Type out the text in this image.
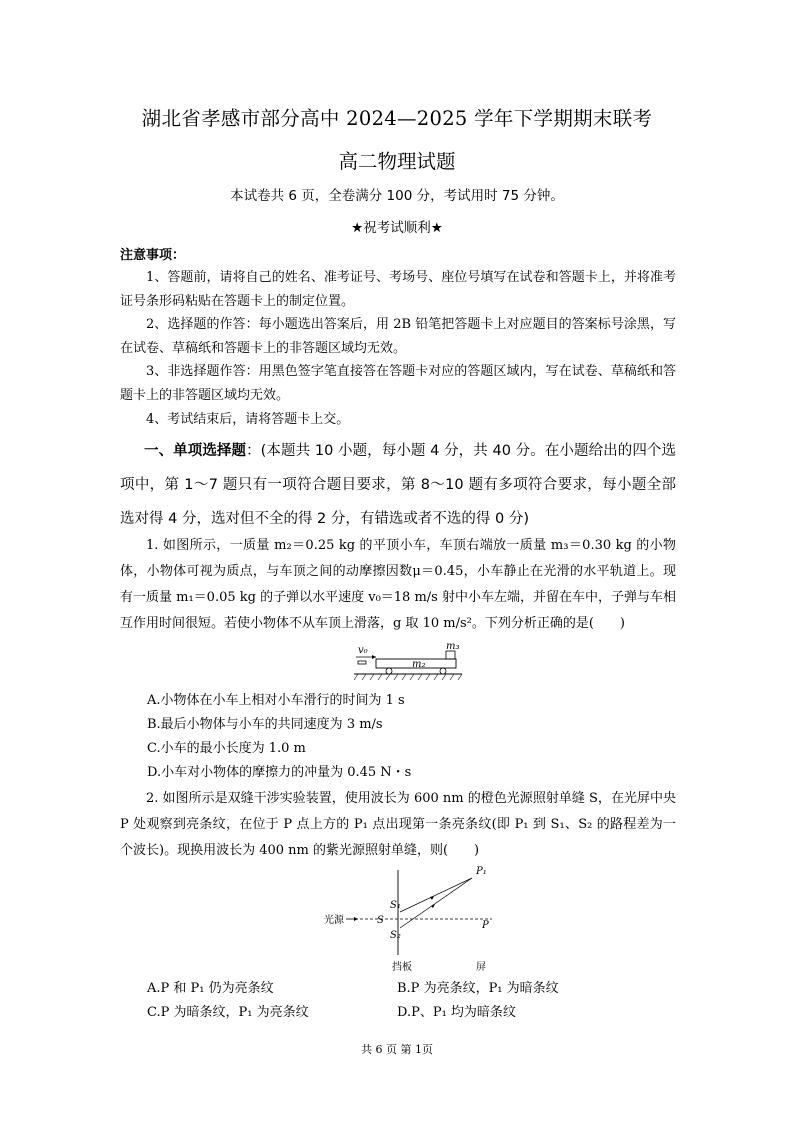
湖北省孝感市部分高中 2024—2025 学年下学期期末联考
高二物理试题
本试卷共 6 页，全卷满分 100 分，考试用时 75 分钟。
★祝考试顺利★
注意事项：
1、答题前，请将自己的姓名、准考证号、考场号、座位号填写在试卷和答题卡上，并将准考证号条形码粘贴在答题卡上的制定位置。
2、选择题的作答：每小题选出答案后，用 2B 铅笔把答题卡上对应题目的答案标号涂黑，写在试卷、草稿纸和答题卡上的非答题区域均无效。
3、非选择题作答：用黑色签字笔直接答在答题卡对应的答题区域内，写在试卷、草稿纸和答题卡上的非答题区域均无效。
4、考试结束后，请将答题卡上交。
一、单项选择题：(本题共 10 小题，每小题 4 分，共 40 分。在小题给出的四个选项中，第 1～7 题只有一项符合题目要求，第 8～10 题有多项符合要求，每小题全部选对得 4 分，选对但不全的得 2 分，有错选或者不选的得 0 分)
1. 如图所示，一质量 m₂＝0.25 kg 的平顶小车，车顶右端放一质量 m₃＝0.30 kg 的小物体，小物体可视为质点，与车顶之间的动摩擦因数μ＝0.45，小车静止在光滑的水平轨道上。现有一质量 m₁＝0.05 kg 的子弹以水平速度 v₀＝18 m/s 射中小车左端，并留在车中，子弹与车相互作用时间很短。若使小物体不从车顶上滑落，g 取 10 m/s²。下列分析正确的是(　　)
v₀
m₂
m₃
A.小物体在小车上相对小车滑行的时间为 1 s
B.最后小物体与小车的共同速度为 3 m/s
C.小车的最小长度为 1.0 m
D.小车对小物体的摩擦力的冲量为 0.45 N・s
2. 如图所示是双缝干涉实验装置，使用波长为 600 nm 的橙色光源照射单缝 S，在光屏中央 P 处观察到亮条纹，在位于 P 点上方的 P₁ 点出现第一条亮条纹(即 P₁ 到 S₁、S₂ 的路程差为一个波长)。现换用波长为 400 nm 的紫光源照射单缝，则(　　)
光源	S
S₁
S₂
P₁
P
挡板	屏
A.P 和 P₁ 仍为亮条纹	B.P 为亮条纹，P₁ 为暗条纹
C.P 为暗条纹，P₁ 为亮条纹	D.P、P₁ 均为暗条纹
共 6 页 第 1页
